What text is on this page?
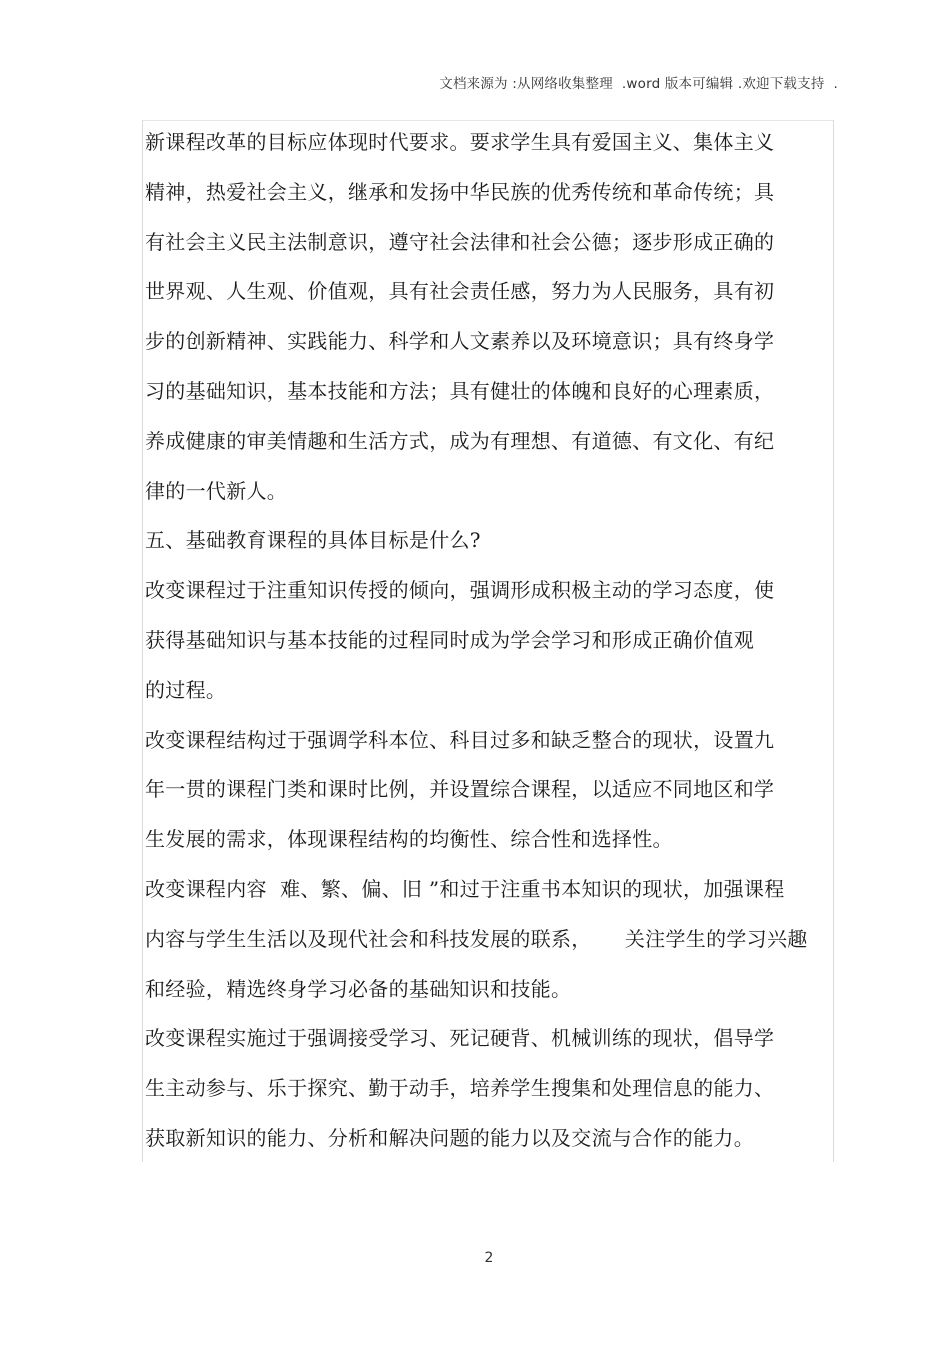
文档来源为 :从网络收集整理  .word 版本可编辑 .欢迎下载支持  .
新课程改革的目标应体现时代要求。要求学生具有爱国主义、集体主义
精神，热爱社会主义，继承和发扬中华民族的优秀传统和革命传统；具
有社会主义民主法制意识，遵守社会法律和社会公德；逐步形成正确的
世界观、人生观、价值观，具有社会责任感，努力为人民服务，具有初
步的创新精神、实践能力、科学和人文素养以及环境意识；具有终身学
习的基础知识，基本技能和方法；具有健壮的体魄和良好的心理素质，
养成健康的审美情趣和生活方式，成为有理想、有道德、有文化、有纪
律的一代新人。
五、基础教育课程的具体目标是什么?
改变课程过于注重知识传授的倾向，强调形成积极主动的学习态度，使
获得基础知识与基本技能的过程同时成为学会学习和形成正确价值观
的过程。
改变课程结构过于强调学科本位、科目过多和缺乏整合的现状，设置九
年一贯的课程门类和课时比例，并设置综合课程，以适应不同地区和学
生发展的需求，体现课程结构的均衡性、综合性和选择性。
改变课程内容  难、繁、偏、旧 ”和过于注重书本知识的现状，加强课程
内容与学生生活以及现代社会和科技发展的联系，     关注学生的学习兴趣
和经验，精选终身学习必备的基础知识和技能。
改变课程实施过于强调接受学习、死记硬背、机械训练的现状，倡导学
生主动参与、乐于探究、勤于动手，培养学生搜集和处理信息的能力、
获取新知识的能力、分析和解决问题的能力以及交流与合作的能力。
2
